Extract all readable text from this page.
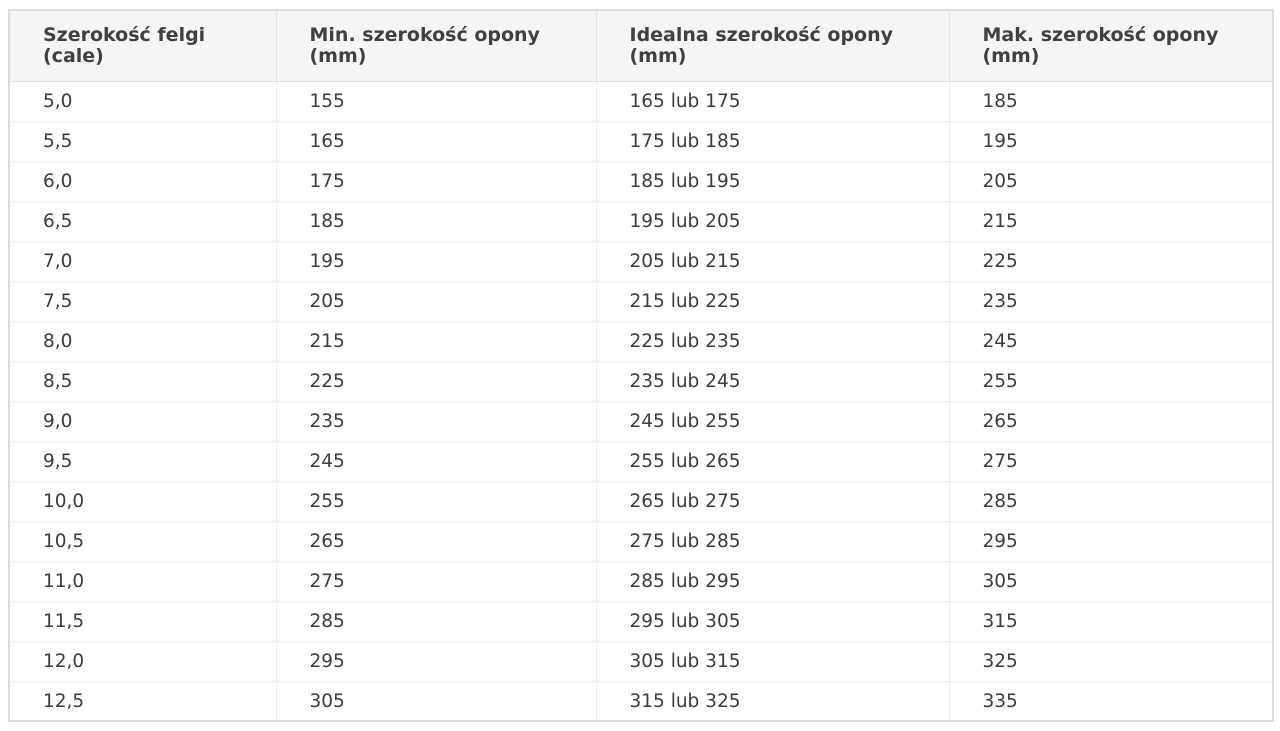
Szerokość felgi (cale)	Min. szerokość opony (mm)	Idealna szerokość opony (mm)	Mak. szerokość opony (mm)
5,0	155	165 lub 175	185
5,5	165	175 lub 185	195
6,0	175	185 lub 195	205
6,5	185	195 lub 205	215
7,0	195	205 lub 215	225
7,5	205	215 lub 225	235
8,0	215	225 lub 235	245
8,5	225	235 lub 245	255
9,0	235	245 lub 255	265
9,5	245	255 lub 265	275
10,0	255	265 lub 275	285
10,5	265	275 lub 285	295
11,0	275	285 lub 295	305
11,5	285	295 lub 305	315
12,0	295	305 lub 315	325
12,5	305	315 lub 325	335
